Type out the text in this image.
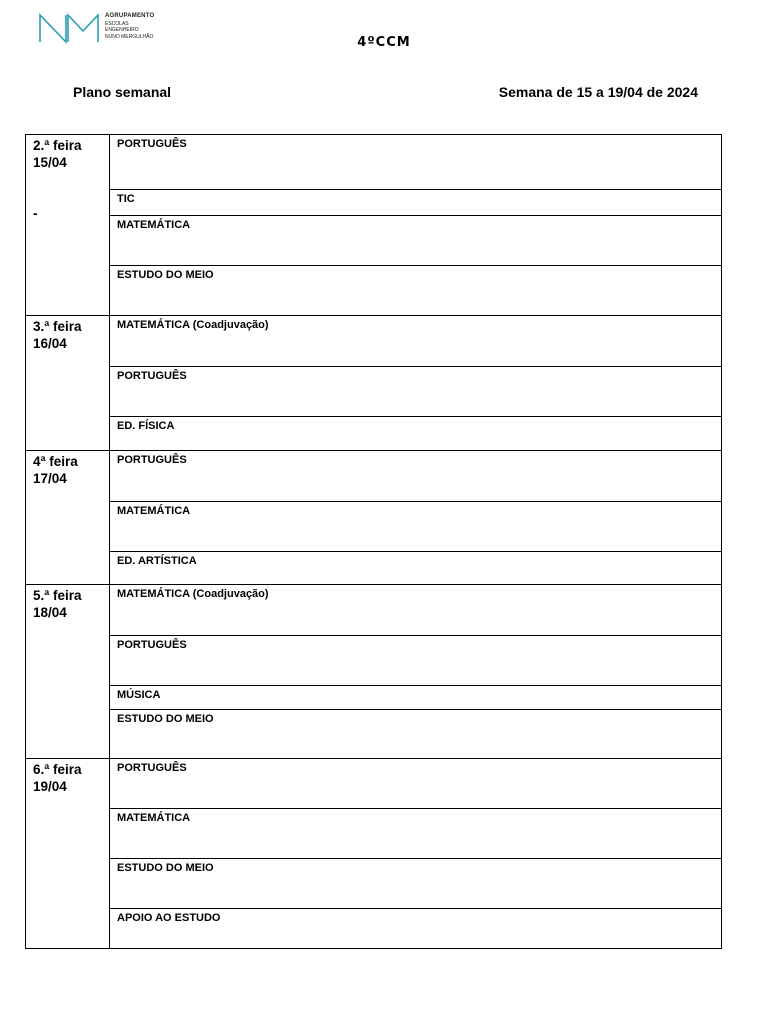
AGRUPAMENTO
ESCOLAS
ENGENHEIRO
NUNO MERGULHÃO	4ºCCM
Plano semanal	Semana de 15 a 19/04 de 2024
2.ª feira
15/04
-
PORTUGUÊS
TIC
MATEMÁTICA
ESTUDO DO MEIO
3.ª feira
16/04
MATEMÁTICA (Coadjuvação)
PORTUGUÊS
ED. FÍSICA
4ª feira
17/04
PORTUGUÊS
MATEMÁTICA
ED. ARTÍSTICA
5.ª feira
18/04
MATEMÁTICA (Coadjuvação)
PORTUGUÊS
MÚSICA
ESTUDO DO MEIO
6.ª feira
19/04
PORTUGUÊS
MATEMÁTICA
ESTUDO DO MEIO
APOIO AO ESTUDO
